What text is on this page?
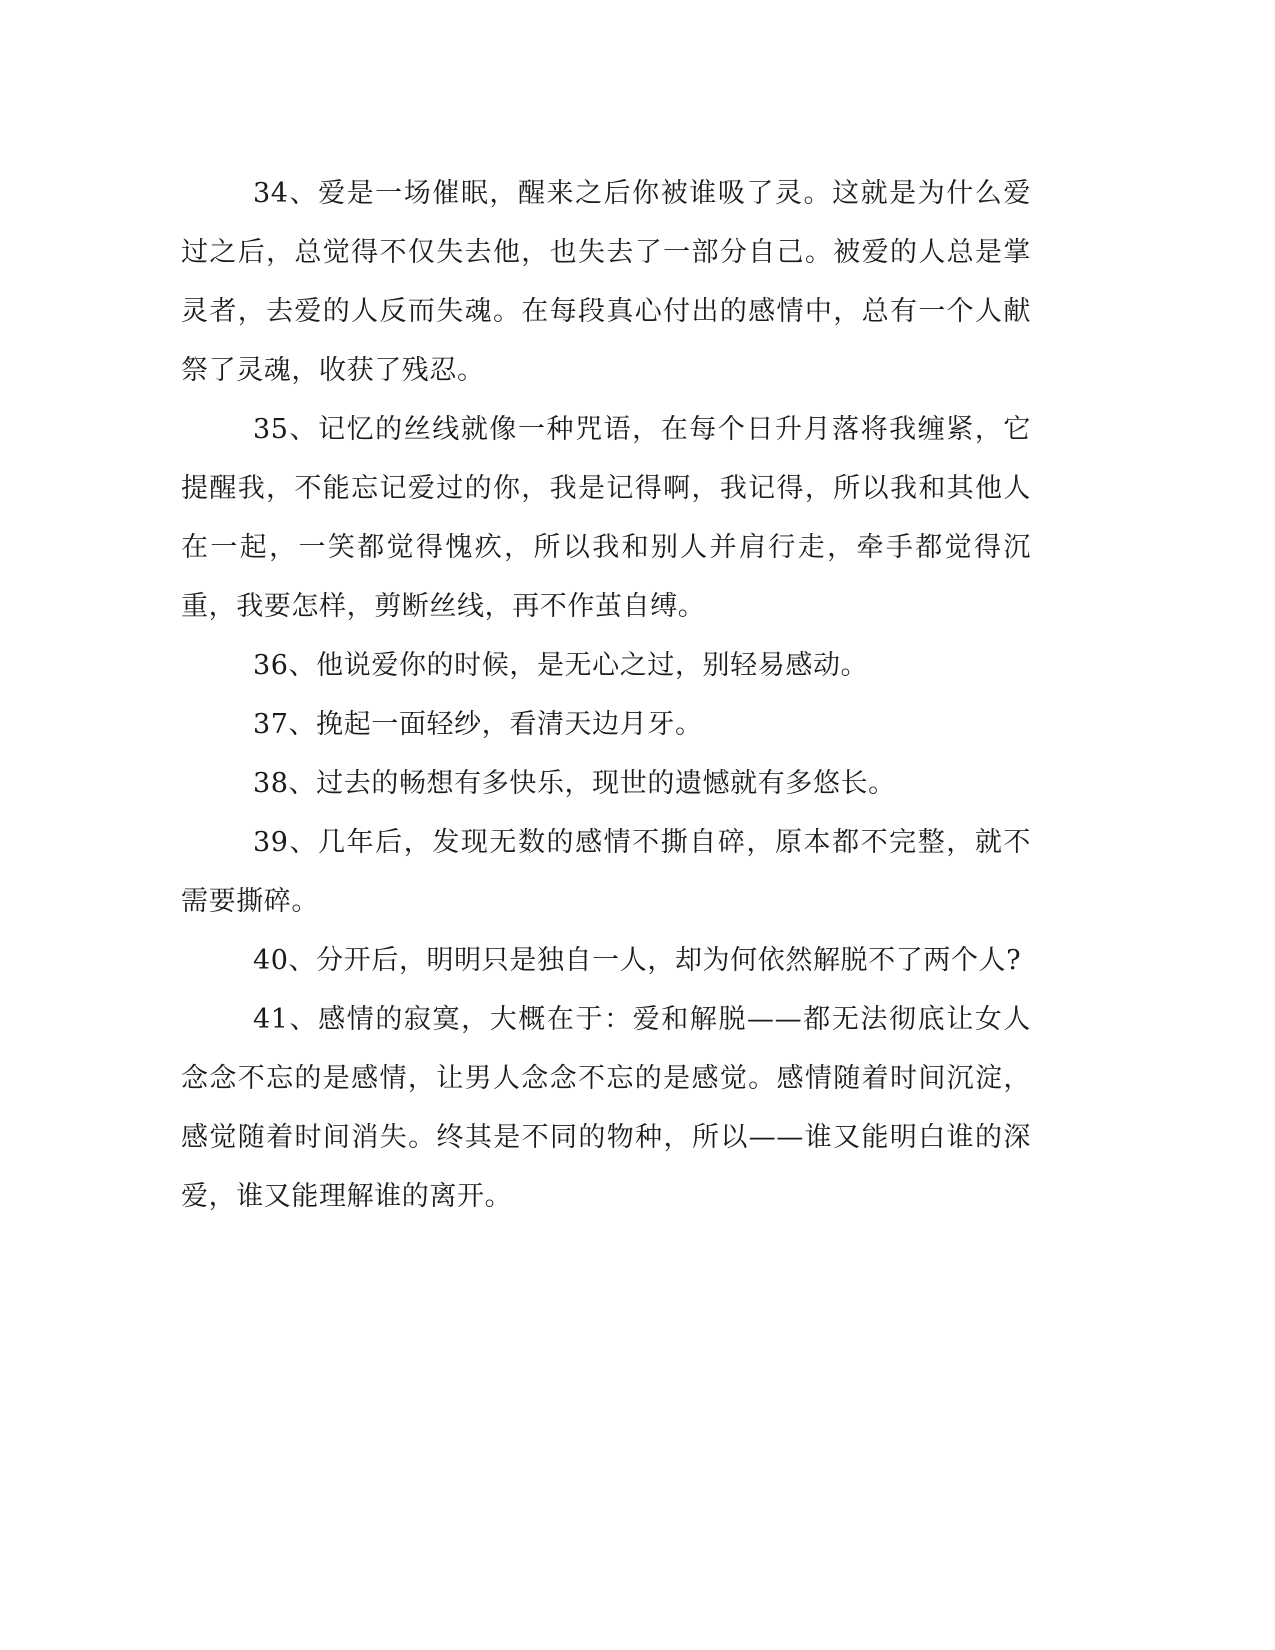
34、爱是一场催眠，醒来之后你被谁吸了灵。这就是为什么爱过之后，总觉得不仅失去他，也失去了一部分自己。被爱的人总是掌灵者，去爱的人反而失魂。在每段真心付出的感情中，总有一个人献祭了灵魂，收获了残忍。

35、记忆的丝线就像一种咒语，在每个日升月落将我缠紧，它提醒我，不能忘记爱过的你，我是记得啊，我记得，所以我和其他人在一起，一笑都觉得愧疚，所以我和别人并肩行走，牵手都觉得沉重，我要怎样，剪断丝线，再不作茧自缚。

36、他说爱你的时候，是无心之过，别轻易感动。

37、挽起一面轻纱，看清天边月牙。

38、过去的畅想有多快乐，现世的遗憾就有多悠长。

39、几年后，发现无数的感情不撕自碎，原本都不完整，就不需要撕碎。

40、分开后，明明只是独自一人，却为何依然解脱不了两个人?

41、感情的寂寞，大概在于：爱和解脱——都无法彻底让女人念念不忘的是感情，让男人念念不忘的是感觉。感情随着时间沉淀，感觉随着时间消失。终其是不同的物种，所以——谁又能明白谁的深爱，谁又能理解谁的离开。
